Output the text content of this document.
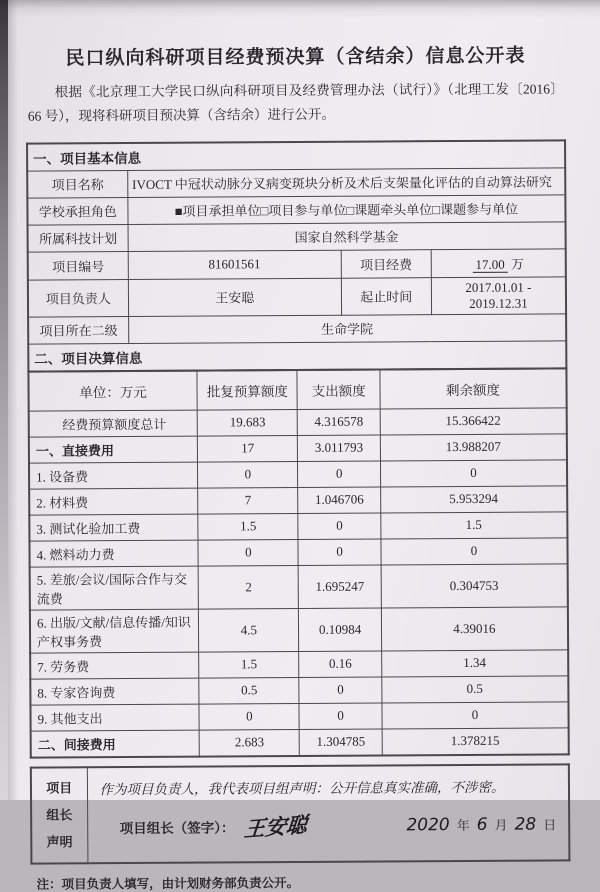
民口纵向科研项目经费预决算（含结余）信息公开表

根据《北京理工大学民口纵向科研项目及经费管理办法（试行）》（北理工发〔2016〕66 号），现将科研项目预决算（含结余）进行公开。

一、项目基本信息			
项目名称	IVOCT 中冠状动脉分叉病变斑块分析及术后支架量化评估的自动算法研究		
学校承担角色	■项目承担单位□项目参与单位□课题牵头单位□课题参与单位		
所属科技计划	国家自然科学基金		
项目编号	81601561	项目经费	17.00 万
项目负责人	王安聪	起止时间	2017.01.01 - 2019.12.31
项目所在二级	生命学院		
二、项目决算信息			
单位：万元	批复预算额度	支出额度	剩余额度
经费预算额度总计	19.683	4.316578	15.366422
一、直接费用	17	3.011793	13.988207
1. 设备费	0	0	0
2. 材料费	7	1.046706	5.953294
3. 测试化验加工费	1.5	0	1.5
4. 燃料动力费	0	0	0
5. 差旅/会议/国际合作与交流费	2	1.695247	0.304753
6. 出版/文献/信息传播/知识产权事务费	4.5	0.10984	4.39016
7. 劳务费	1.5	0.16	1.34
8. 专家咨询费	0.5	0	0.5
9. 其他支出	0	0	0
二、间接费用	2.683	1.304785	1.378215
项目
组长
声明

作为项目负责人，我代表项目组声明：公开信息真实准确，不涉密。
项目组长（签字）： 王安聪	2020 年 6 月 28 日
注：项目负责人填写，由计划财务部负责公开。
